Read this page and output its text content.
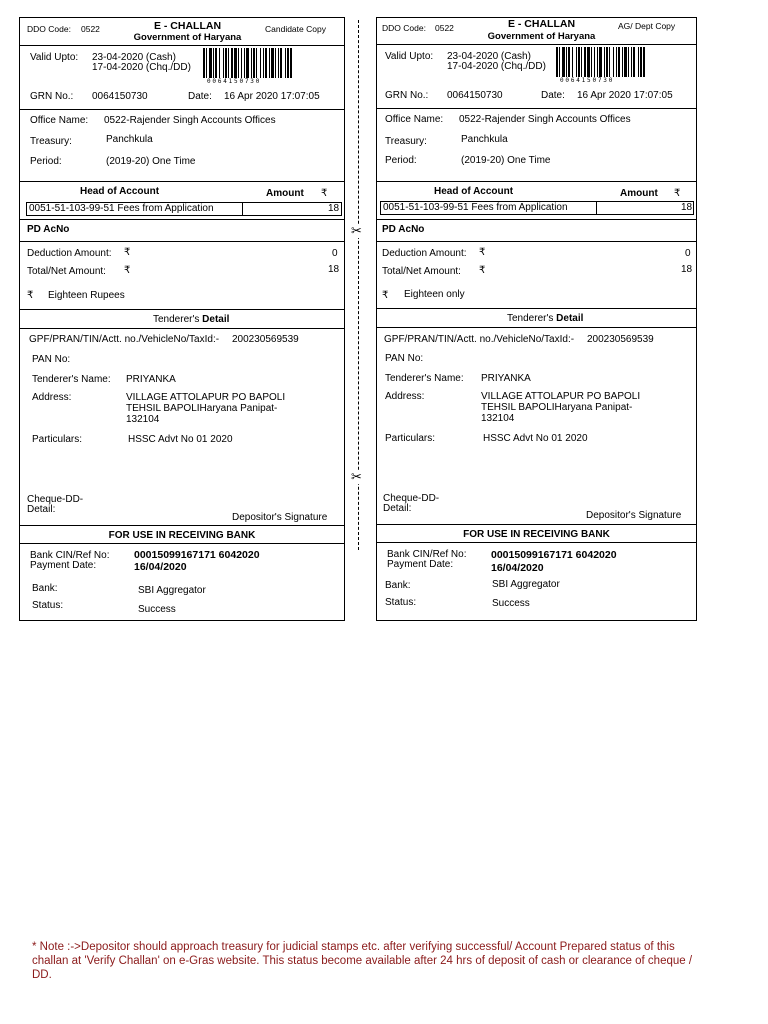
DDO Code: 0522	E - CHALLAN
Government of Haryana
Candidate Copy
Valid Upto: 23-04-2020 (Cash)
17-04-2020 (Chq./DD)
0064150730
GRN No.: 0064150730	Date: 16 Apr 2020 17:07:05
Office Name: 0522-Rajender Singh Accounts Offices
Treasury:	Panchkula
Period:	(2019-20) One Time
Head of Account	Amount ₹
0051-51-103-99-51 Fees from Application	18
PD AcNo
Deduction Amount: ₹	0
Total/Net Amount: ₹	18
₹ Eighteen Rupees
Tenderer's Detail
GPF/PRAN/TIN/Actt. no./VehicleNo/TaxId:- 200230569539
PAN No:
Tenderer's Name: PRIYANKA
Address:	VILLAGE ATTOLAPUR PO BAPOLI
TEHSIL BAPOLIHaryana Panipat-
132104
Particulars:	HSSC Advt No 01 2020
Cheque-DD-
Detail:
Depositor's Signature
FOR USE IN RECEIVING BANK
Bank CIN/Ref No: 00015099167171 6042020
Payment Date:	16/04/2020
Bank:	SBI Aggregator
Status:	Success
✂
✂
DDO Code: 0522	E - CHALLAN
Government of Haryana
AG/ Dept Copy
Valid Upto: 23-04-2020 (Cash)
17-04-2020 (Chq./DD)
0064150730
GRN No.: 0064150730	Date: 16 Apr 2020 17:07:05
Office Name: 0522-Rajender Singh Accounts Offices
Treasury:	Panchkula
Period:	(2019-20) One Time
Head of Account	Amount ₹
0051-51-103-99-51 Fees from Application	18
PD AcNo
Deduction Amount: ₹	0
Total/Net Amount: ₹	18
₹ Eighteen only
Tenderer's Detail
GPF/PRAN/TIN/Actt. no./VehicleNo/TaxId:- 200230569539
PAN No:
Tenderer's Name: PRIYANKA
Address:	VILLAGE ATTOLAPUR PO BAPOLI
TEHSIL BAPOLIHaryana Panipat-
132104
Particulars:	HSSC Advt No 01 2020
Cheque-DD-
Detail:
Depositor's Signature
FOR USE IN RECEIVING BANK
Bank CIN/Ref No: 00015099167171 6042020
Payment Date:	16/04/2020
Bank:	SBI Aggregator
Status:	Success
* Note :->Depositor should approach treasury for judicial stamps etc. after verifying successful/ Account Prepared status of this challan at 'Verify Challan' on e-Gras website. This status become available after 24 hrs of deposit of cash or clearance of cheque / DD.
